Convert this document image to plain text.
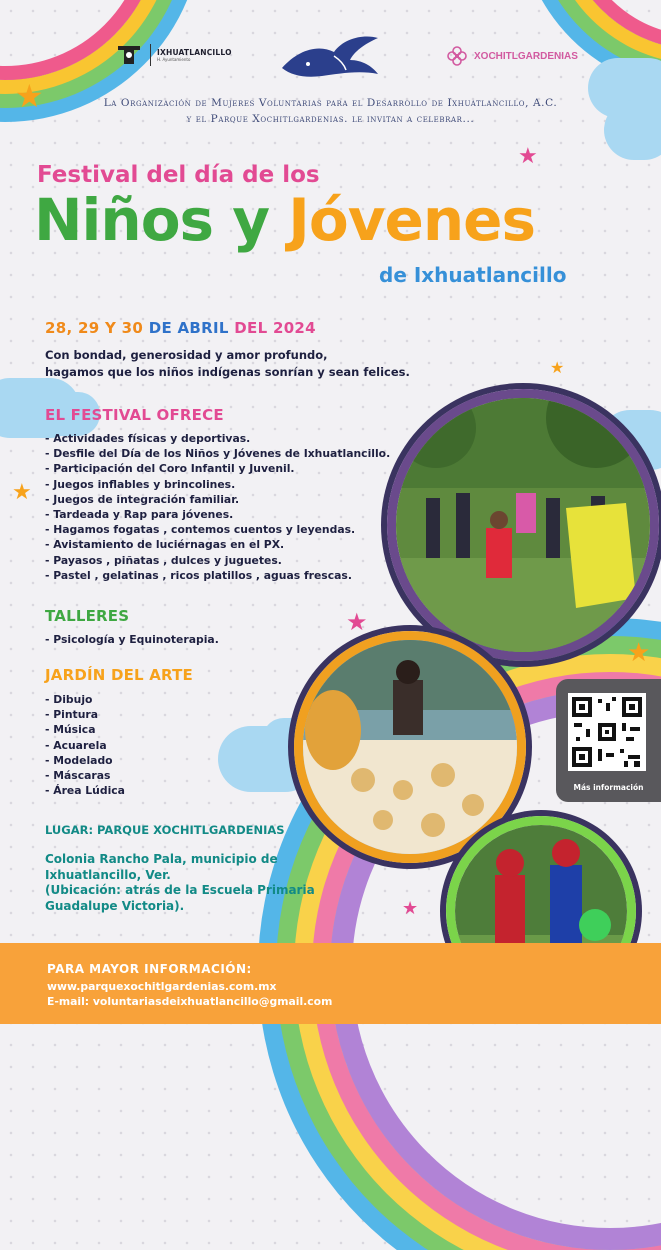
★
★
★
★
★
★
★
IXHUATLANCILLO
H. Ayuntamiento	XOCHITLGARDENIAS
La Organización de Mujeres Voluntarias para el Desarrollo de Ixhuatlancillo, A.C.
y el Parque Xochitlgardenias. le invitan a celebrar...
Festival del día de los
Niños y Jóvenes
de Ixhuatlancillo
28, 29 Y 30 DE ABRIL DEL 2024
Con bondad, generosidad y amor profundo,
hagamos que los niños indígenas sonrían y sean felices.
EL FESTIVAL OFRECE
- Actividades físicas y deportivas.
- Desfile del Día de los Niños y Jóvenes de Ixhuatlancillo.
- Participación del Coro Infantil y Juvenil.
- Juegos inflables y brincolines.
- Juegos de integración familiar.
- Tardeada y Rap para jóvenes.
- Hagamos fogatas , contemos cuentos y leyendas.
- Avistamiento de luciérnagas en el PX.
- Payasos , piñatas , dulces y juguetes.
- Pastel , gelatinas , ricos platillos , aguas frescas.
TALLERES
- Psicología y Equinoterapia.
JARDÍN DEL ARTE
- Dibujo
- Pintura
- Música
- Acuarela
- Modelado
- Máscaras
- Área Lúdica
LUGAR: PARQUE XOCHITLGARDENIAS
Colonia Rancho Pala, municipio de
Ixhuatlancillo, Ver.
(Ubicación: atrás de la Escuela Primaria
Guadalupe Victoria).
Más información
PARA MAYOR INFORMACIÓN:
www.parquexochitlgardenias.com.mx
E-mail: voluntariasdeixhuatlancillo@gmail.com
